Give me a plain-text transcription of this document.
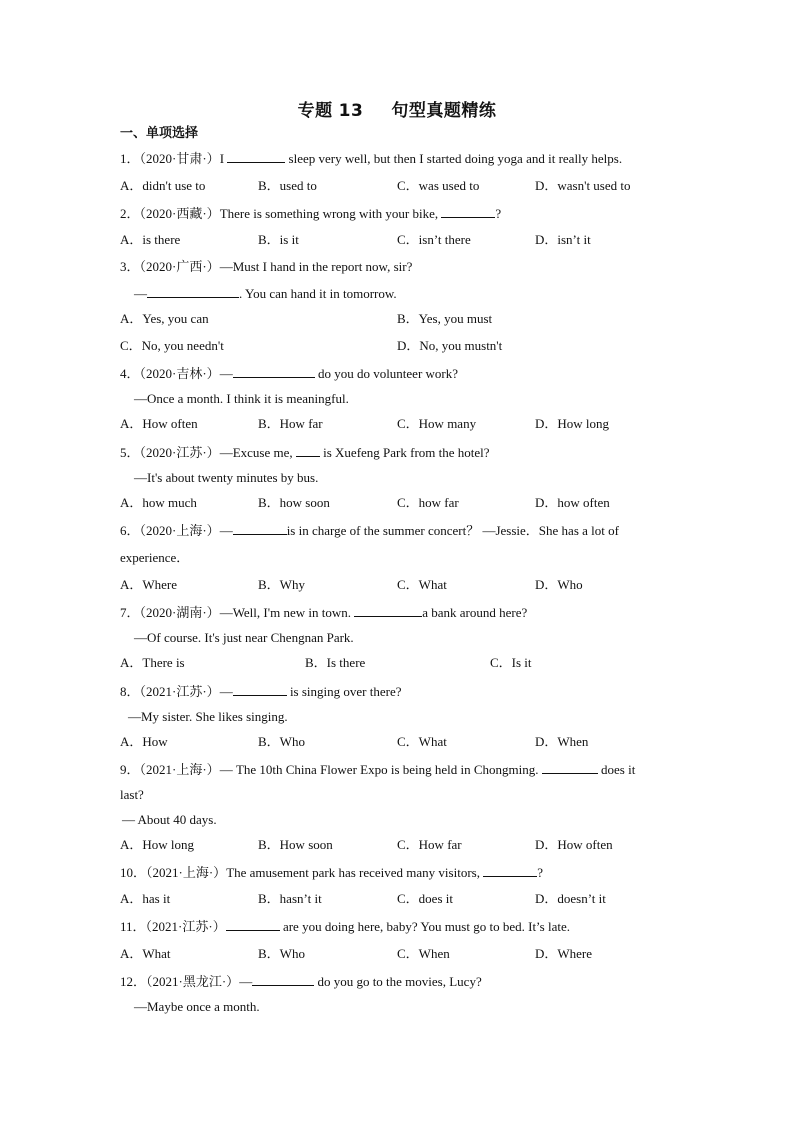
专题 13 句型真题精练
一、单项选择
1．（2020·甘肃·）I	sleep very well, but then I started doing yoga and it really helps.
A．didn't use to	B．used to	C．was used to	D．wasn't used to
2．（2020·西藏·）There is something wrong with your bike,	?
A．is there	B．is it	C．isn’t there	D．isn’t it
3．（2020·广西·）—Must I hand in the report now, sir?
—	. You can hand it in tomorrow.
A．Yes, you can	B．Yes, you must
C．No, you needn't	D．No, you mustn't
4．（2020·吉林·）—	do you do volunteer work?
—Once a month. I think it is meaningful.
A．How often	B．How far	C．How many	D．How long
5．（2020·江苏·）—Excuse me, is Xuefeng Park from the hotel?
—It's about twenty minutes by bus.
A．how much	B．how soon	C．how far	D．how often
6．（2020·上海·）—	is in charge of the summer concert？ —Jessie．She has a lot of
experience．
A．Where	B．Why	C．What	D．Who
7．（2020·湖南·）—Well, I'm new in town.	a bank around here?
—Of course. It's just near Chengnan Park.
A．There is	B．Is there	C．Is it
8．（2021·江苏·）—	is singing over there?
—My sister. She likes singing.
A．How	B．Who	C．What	D．When
9．（2021·上海·）— The 10th China Flower Expo is being held in Chongming.	does it
last?
— About 40 days.
A．How long	B．How soon	C．How far	D．How often
10．（2021·上海·）The amusement park has received many visitors,	?
A．has it	B．hasn’t it	C．does it	D．doesn’t it
11．（2021·江苏·）	are you doing here, baby? You must go to bed. It’s late.
A．What	B．Who	C．When	D．Where
12．（2021·黑龙江·）—	do you go to the movies, Lucy?
—Maybe once a month.
